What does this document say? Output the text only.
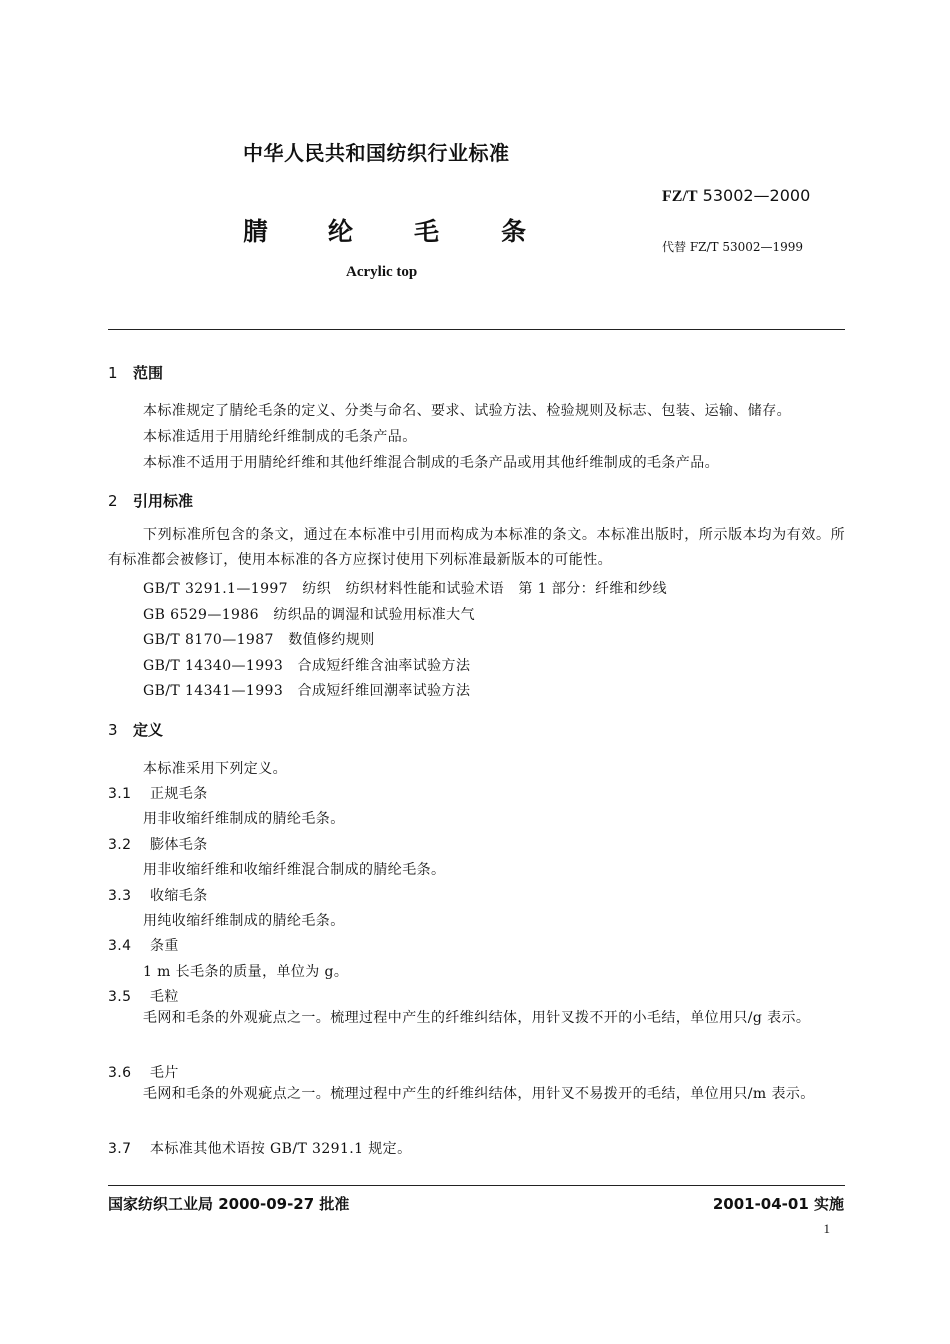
中华人民共和国纺织行业标准
FZ/T 53002—2000
代替 FZ/T 53002—1999
腈 纶 毛 条
Acrylic top
1 范围
本标准规定了腈纶毛条的定义、分类与命名、要求、试验方法、检验规则及标志、包装、运输、储存。
本标准适用于用腈纶纤维制成的毛条产品。
本标准不适用于用腈纶纤维和其他纤维混合制成的毛条产品或用其他纤维制成的毛条产品。
2 引用标准
下列标准所包含的条文，通过在本标准中引用而构成为本标准的条文。本标准出版时，所示版本均为有效。所有标准都会被修订，使用本标准的各方应探讨使用下列标准最新版本的可能性。
GB/T 3291.1—1997　纺织　纺织材料性能和试验术语　第 1 部分：纤维和纱线
GB 6529—1986　纺织品的调湿和试验用标准大气
GB/T 8170—1987　数值修约规则
GB/T 14340—1993　合成短纤维含油率试验方法
GB/T 14341—1993　合成短纤维回潮率试验方法
3 定义
本标准采用下列定义。
3.1 正规毛条
用非收缩纤维制成的腈纶毛条。
3.2 膨体毛条
用非收缩纤维和收缩纤维混合制成的腈纶毛条。
3.3 收缩毛条
用纯收缩纤维制成的腈纶毛条。
3.4 条重
1 m 长毛条的质量，单位为 g。
3.5 毛粒
毛网和毛条的外观疵点之一。梳理过程中产生的纤维纠结体，用针叉拨不开的小毛结，单位用只/g 表示。
3.6 毛片
毛网和毛条的外观疵点之一。梳理过程中产生的纤维纠结体，用针叉不易拨开的毛结，单位用只/m 表示。
3.7 本标准其他术语按 GB/T 3291.1 规定。
国家纺织工业局 2000-09-27 批准	2001-04-01 实施
1
